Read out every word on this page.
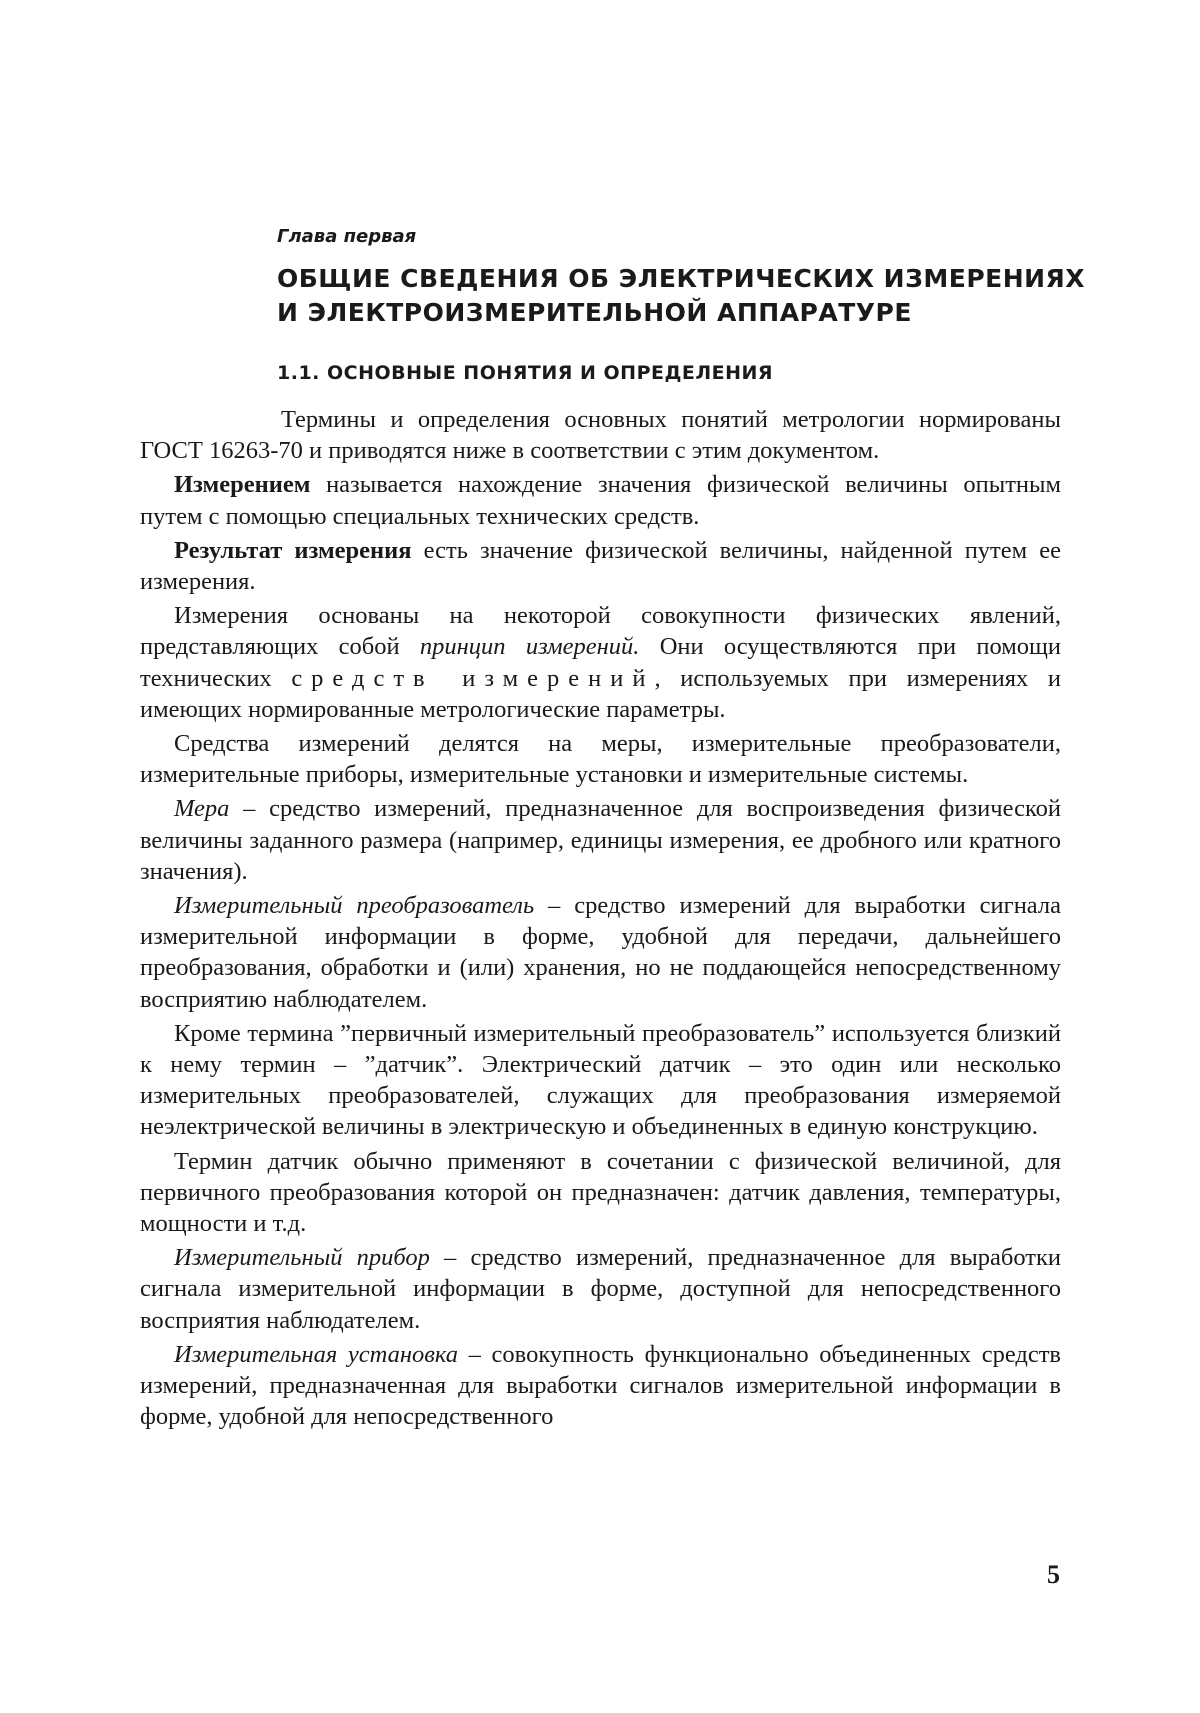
Глава первая
ОБЩИЕ СВЕДЕНИЯ ОБ ЭЛЕКТРИЧЕСКИХ ИЗМЕРЕНИЯХ
И ЭЛЕКТРОИЗМЕРИТЕЛЬНОЙ АППАРАТУРЕ
1.1. ОСНОВНЫЕ ПОНЯТИЯ И ОПРЕДЕЛЕНИЯ

Термины и определения основных понятий метрологии нормированы ГОСТ 16263-70 и приводятся ниже в соответствии с этим документом.

Измерением называется нахождение значения физической величины опытным путем с помощью специальных технических средств.

Результат измерения есть значение физической величины, найденной путем ее измерения.

Измерения основаны на некоторой совокупности физических явлений, представляющих собой принцип измерений. Они осуществляются при помощи технических средств измерений, используемых при измерениях и имеющих нормированные метрологические параметры.

Средства измерений делятся на меры, измерительные преобразователи, измерительные приборы, измерительные установки и измерительные системы.

Мера – средство измерений, предназначенное для воспроизведения физической величины заданного размера (например, единицы измерения, ее дробного или кратного значения).

Измерительный преобразователь – средство измерений для выработки сигнала измерительной информации в форме, удобной для передачи, дальнейшего преобразования, обработки и (или) хранения, но не поддающейся непосредственному восприятию наблюдателем.

Кроме термина ”первичный измерительный преобразователь” используется близкий к нему термин – ”датчик”. Электрический датчик – это один или несколько измерительных преобразователей, служащих для преобразования измеряемой неэлектрической величины в электрическую и объединенных в единую конструкцию.

Термин датчик обычно применяют в сочетании с физической величиной, для первичного преобразования которой он предназначен: датчик давления, температуры, мощности и т.д.

Измерительный прибор – средство измерений, предназначенное для выработки сигнала измерительной информации в форме, доступной для непосредственного восприятия наблюдателем.

Измерительная установка – совокупность функционально объединенных средств измерений, предназначенная для выработки сигналов измерительной информации в форме, удобной для непосредственного

5
